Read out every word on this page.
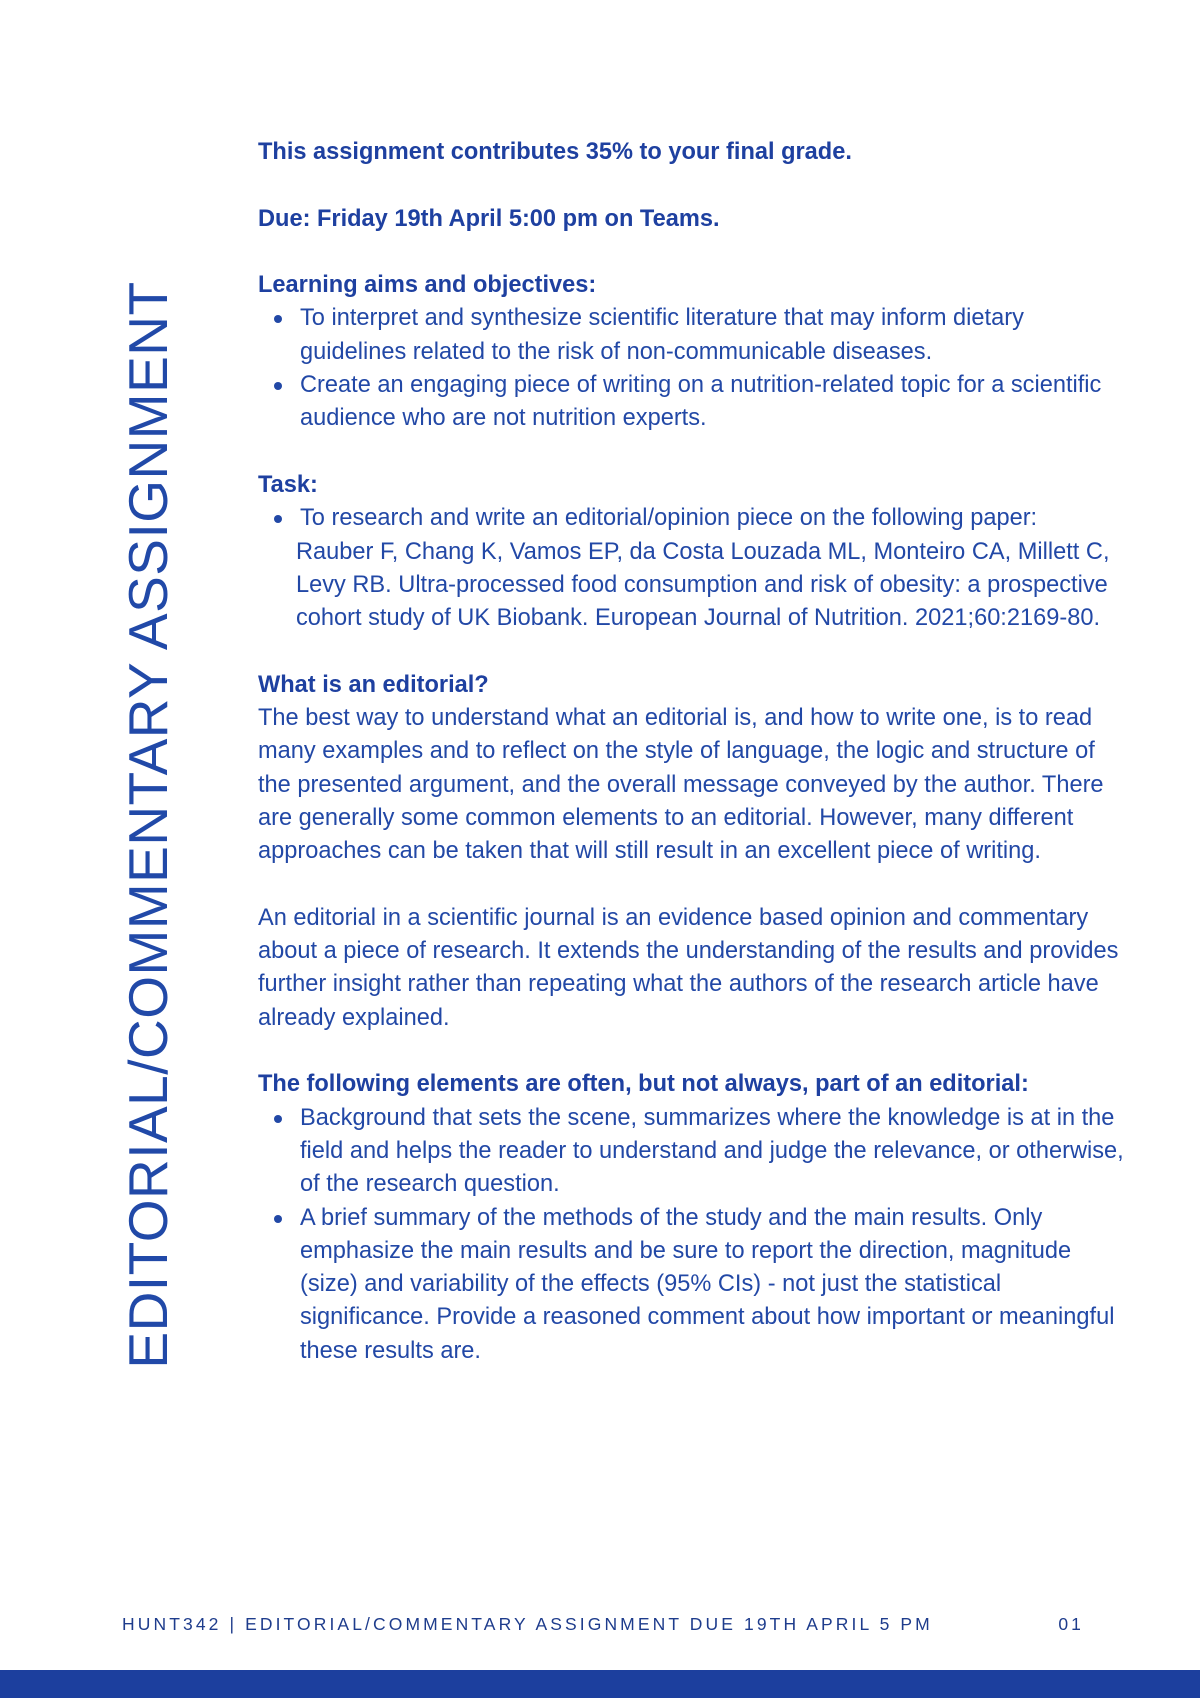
EDITORIAL/COMMENTARY ASSIGNMENT

This assignment contributes 35% to your final grade.

Due: Friday 19th April 5:00 pm on Teams.

Learning aims and objectives:

To interpret and synthesize scientific literature that may inform dietary guidelines related to the risk of non-communicable diseases.
Create an engaging piece of writing on a nutrition-related topic for a scientific audience who are not nutrition experts.

Task:

To research and write an editorial/opinion piece on the following paper:

Rauber F, Chang K, Vamos EP, da Costa Louzada ML, Monteiro CA, Millett C, Levy RB. Ultra-processed food consumption and risk of obesity: a prospective cohort study of UK Biobank. European Journal of Nutrition. 2021;60:2169-80.

What is an editorial?

The best way to understand what an editorial is, and how to write one, is to read many examples and to reflect on the style of language, the logic and structure of the presented argument, and the overall message conveyed by the author. There are generally some common elements to an editorial. However, many different approaches can be taken that will still result in an excellent piece of writing.

An editorial in a scientific journal is an evidence based opinion and commentary about a piece of research. It extends the understanding of the results and provides further insight rather than repeating what the authors of the research article have already explained.

The following elements are often, but not always, part of an editorial:

Background that sets the scene, summarizes where the knowledge is at in the field and helps the reader to understand and judge the relevance, or otherwise, of the research question.
A brief summary of the methods of the study and the main results. Only emphasize the main results and be sure to report the direction, magnitude (size) and variability of the effects (95% CIs) - not just the statistical significance. Provide a reasoned comment about how important or meaningful these results are.
HUNT342 | EDITORIAL/COMMENTARY ASSIGNMENT DUE 19TH APRIL 5 PM	01
